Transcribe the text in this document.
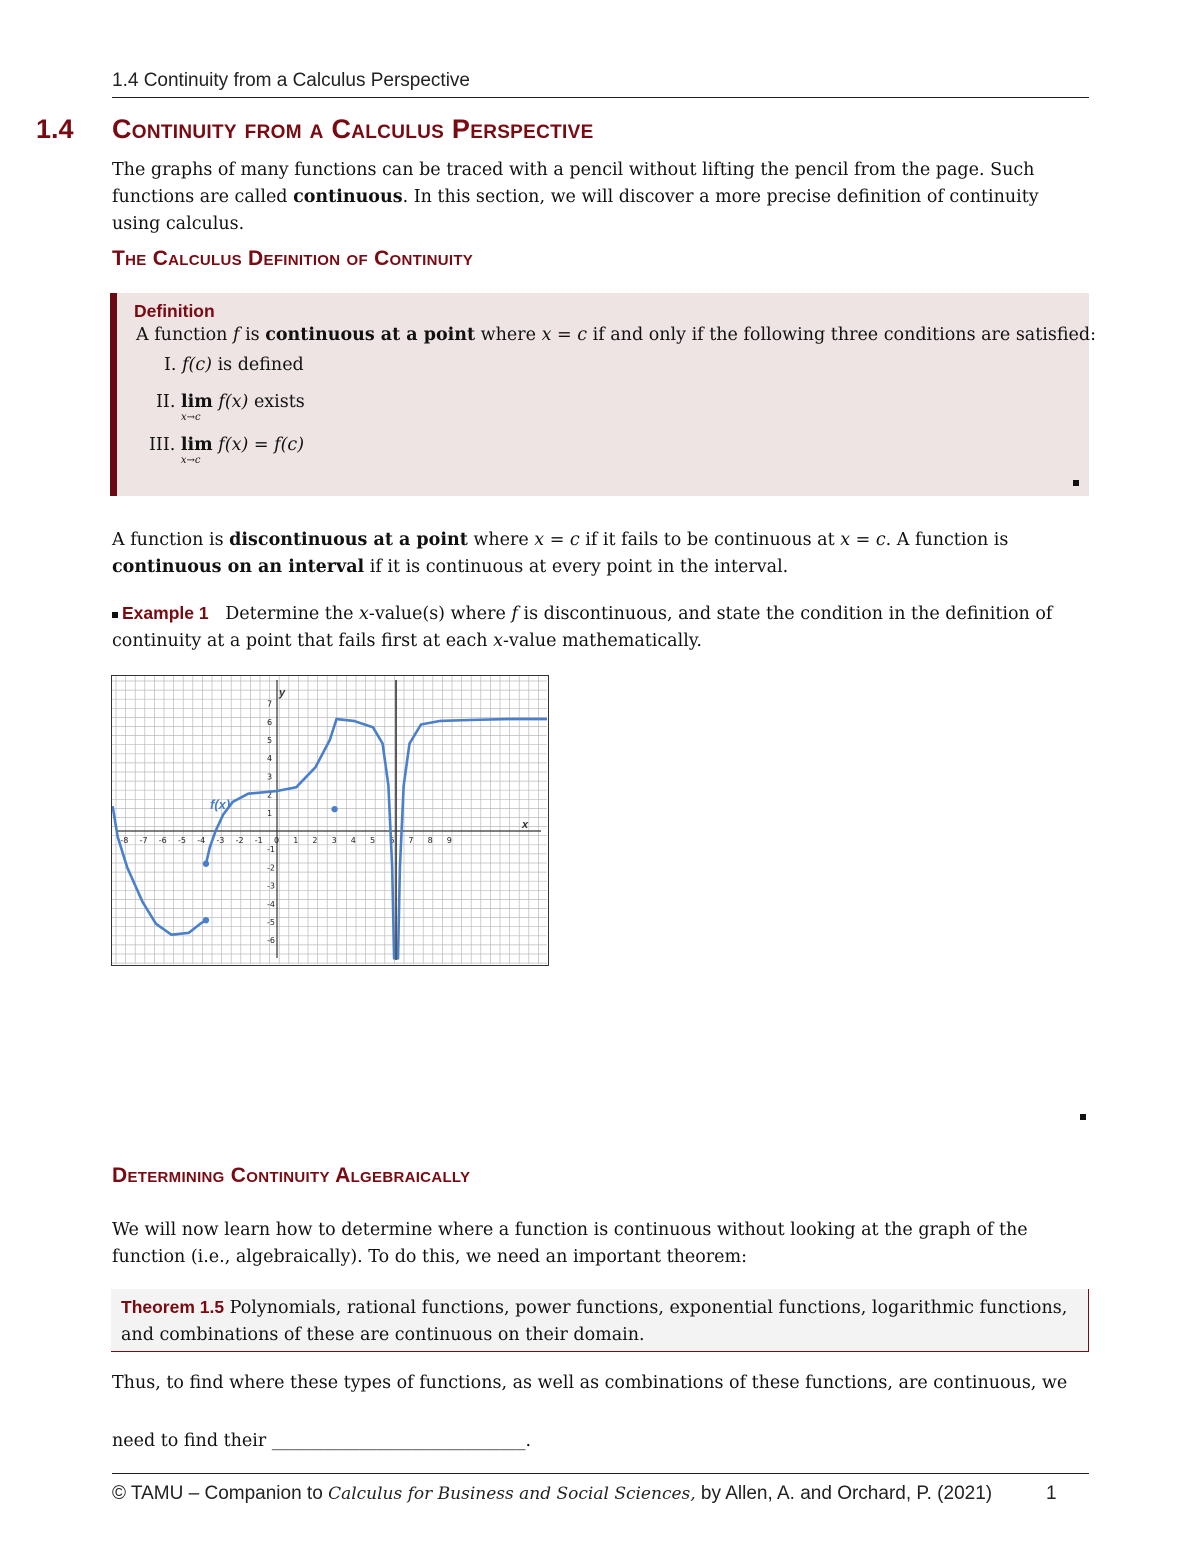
1.4 Continuity from a Calculus Perspective
1.4 Continuity from a Calculus Perspective
The graphs of many functions can be traced with a pencil without lifting the pencil from the page. Such functions are called continuous. In this section, we will discover a more precise definition of continuity using calculus.
The Calculus Definition of Continuity
Definition
A function f is continuous at a point where x = c if and only if the following three conditions are satisfied:
I. f(c) is defined
II. lim
x→c
f(x) exists
III. lim
x→c
f(x) = f(c)
A function is discontinuous at a point where x = c if it fails to be continuous at x = c. A function is continuous on an interval if it is continuous at every point in the interval.
Example 1 Determine the x-value(s) where f is discontinuous, and state the condition in the definition of continuity at a point that fails first at each x-value mathematically.
-8 -7 -6 -5 -4 -3 -2 -1 0 1 2 3 4 5 6 7 8 9
7
6
5
4
3
2
1
-1
-2
-3
-4
-5
-6
f(x)
x
y
Determining Continuity Algebraically
We will now learn how to determine where a function is continuous without looking at the graph of the function (i.e., algebraically). To do this, we need an important theorem:
Theorem 1.5 Polynomials, rational functions, power functions, exponential functions, logarithmic functions, and combinations of these are continuous on their domain.
Thus, to find where these types of functions, as well as combinations of these functions, are continuous, we
need to find their _____________________________.
© TAMU – Companion to Calculus for Business and Social Sciences, by Allen, A. and Orchard, P. (2021)	1
